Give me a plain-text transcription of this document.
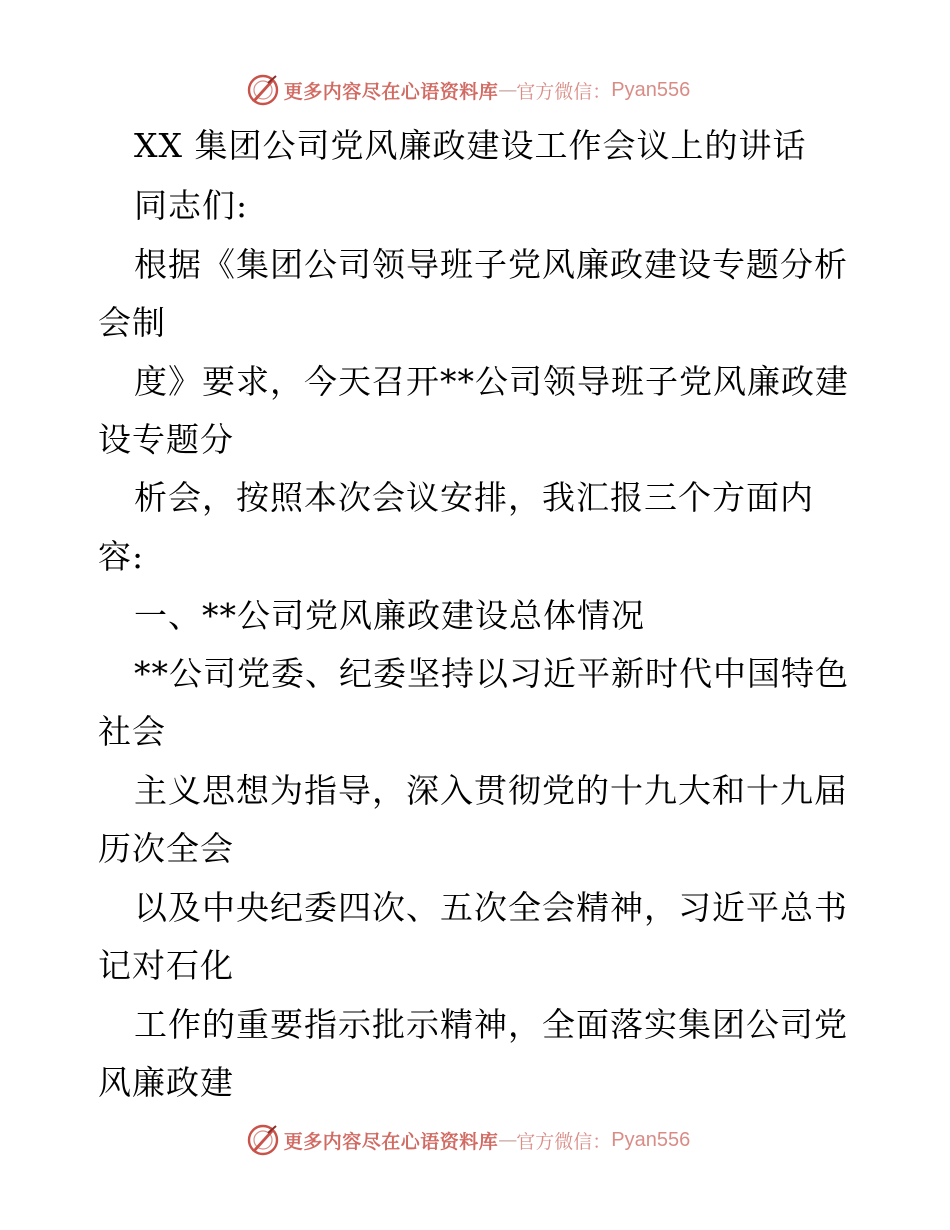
更多内容尽在心语资料库 — 官方微信： Pyan556
XX 集团公司党风廉政建设工作会议上的讲话
同志们:
根据《集团公司领导班子党风廉政建设专题分析
会制
度》要求，今天召开**公司领导班子党风廉政建
设专题分
析会，按照本次会议安排，我汇报三个方面内
容:
一、**公司党风廉政建设总体情况
**公司党委、纪委坚持以习近平新时代中国特色
社会
主义思想为指导，深入贯彻党的十九大和十九届
历次全会
以及中央纪委四次、五次全会精神，习近平总书
记对石化
工作的重要指示批示精神，全面落实集团公司党
风廉政建
更多内容尽在心语资料库 — 官方微信： Pyan556
